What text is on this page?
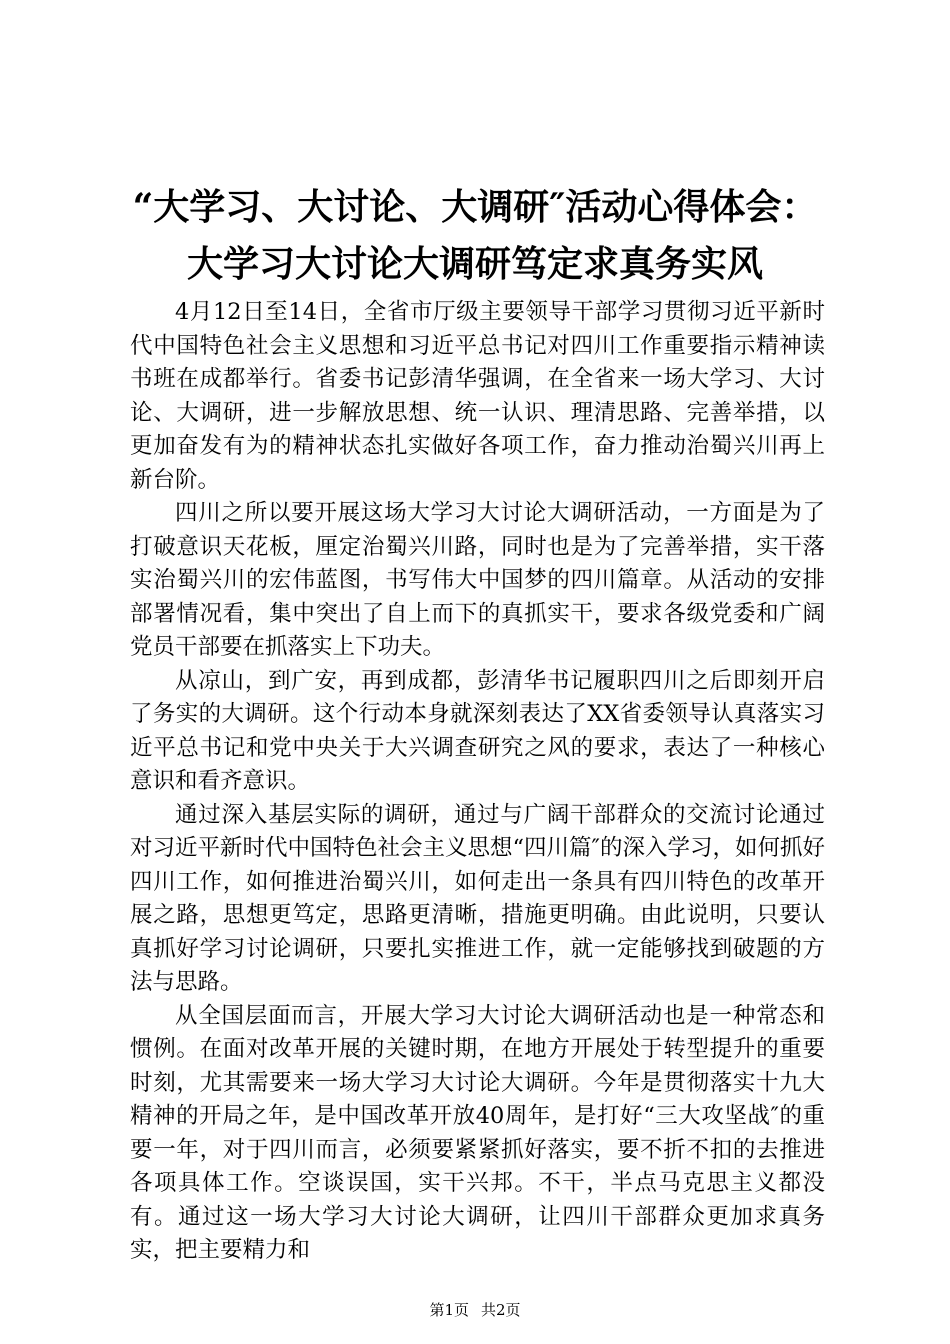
“大学习、大讨论、大调研″活动心得体会：
大学习大讨论大调研笃定求真务实风

4月12日至14日，全省市厅级主要领导干部学习贯彻习近平新时代中国特色社会主义思想和习近平总书记对四川工作重要指示精神读书班在成都举行。省委书记彭清华强调，在全省来一场大学习、大讨论、大调研，进一步解放思想、统一认识、理清思路、完善举措，以更加奋发有为的精神状态扎实做好各项工作，奋力推动治蜀兴川再上新台阶。

四川之所以要开展这场大学习大讨论大调研活动，一方面是为了打破意识天花板，厘定治蜀兴川路，同时也是为了完善举措，实干落实治蜀兴川的宏伟蓝图，书写伟大中国梦的四川篇章。从活动的安排部署情况看，集中突出了自上而下的真抓实干，要求各级党委和广阔党员干部要在抓落实上下功夫。

从凉山，到广安，再到成都，彭清华书记履职四川之后即刻开启了务实的大调研。这个行动本身就深刻表达了XX省委领导认真落实习近平总书记和党中央关于大兴调查研究之风的要求，表达了一种核心意识和看齐意识。

通过深入基层实际的调研，通过与广阔干部群众的交流讨论通过对习近平新时代中国特色社会主义思想“四川篇″的深入学习，如何抓好四川工作，如何推进治蜀兴川，如何走出一条具有四川特色的改革开展之路，思想更笃定，思路更清晰，措施更明确。由此说明，只要认真抓好学习讨论调研，只要扎实推进工作，就一定能够找到破题的方法与思路。

从全国层面而言，开展大学习大讨论大调研活动也是一种常态和惯例。在面对改革开展的关键时期，在地方开展处于转型提升的重要时刻，尤其需要来一场大学习大讨论大调研。今年是贯彻落实十九大精神的开局之年，是中国改革开放40周年，是打好“三大攻坚战″的重要一年，对于四川而言，必须要紧紧抓好落实，要不折不扣的去推进各项具体工作。空谈误国，实干兴邦。不干，半点马克思主义都没有。通过这一场大学习大讨论大调研，让四川干部群众更加求真务实，把主要精力和

第1页 共2页
